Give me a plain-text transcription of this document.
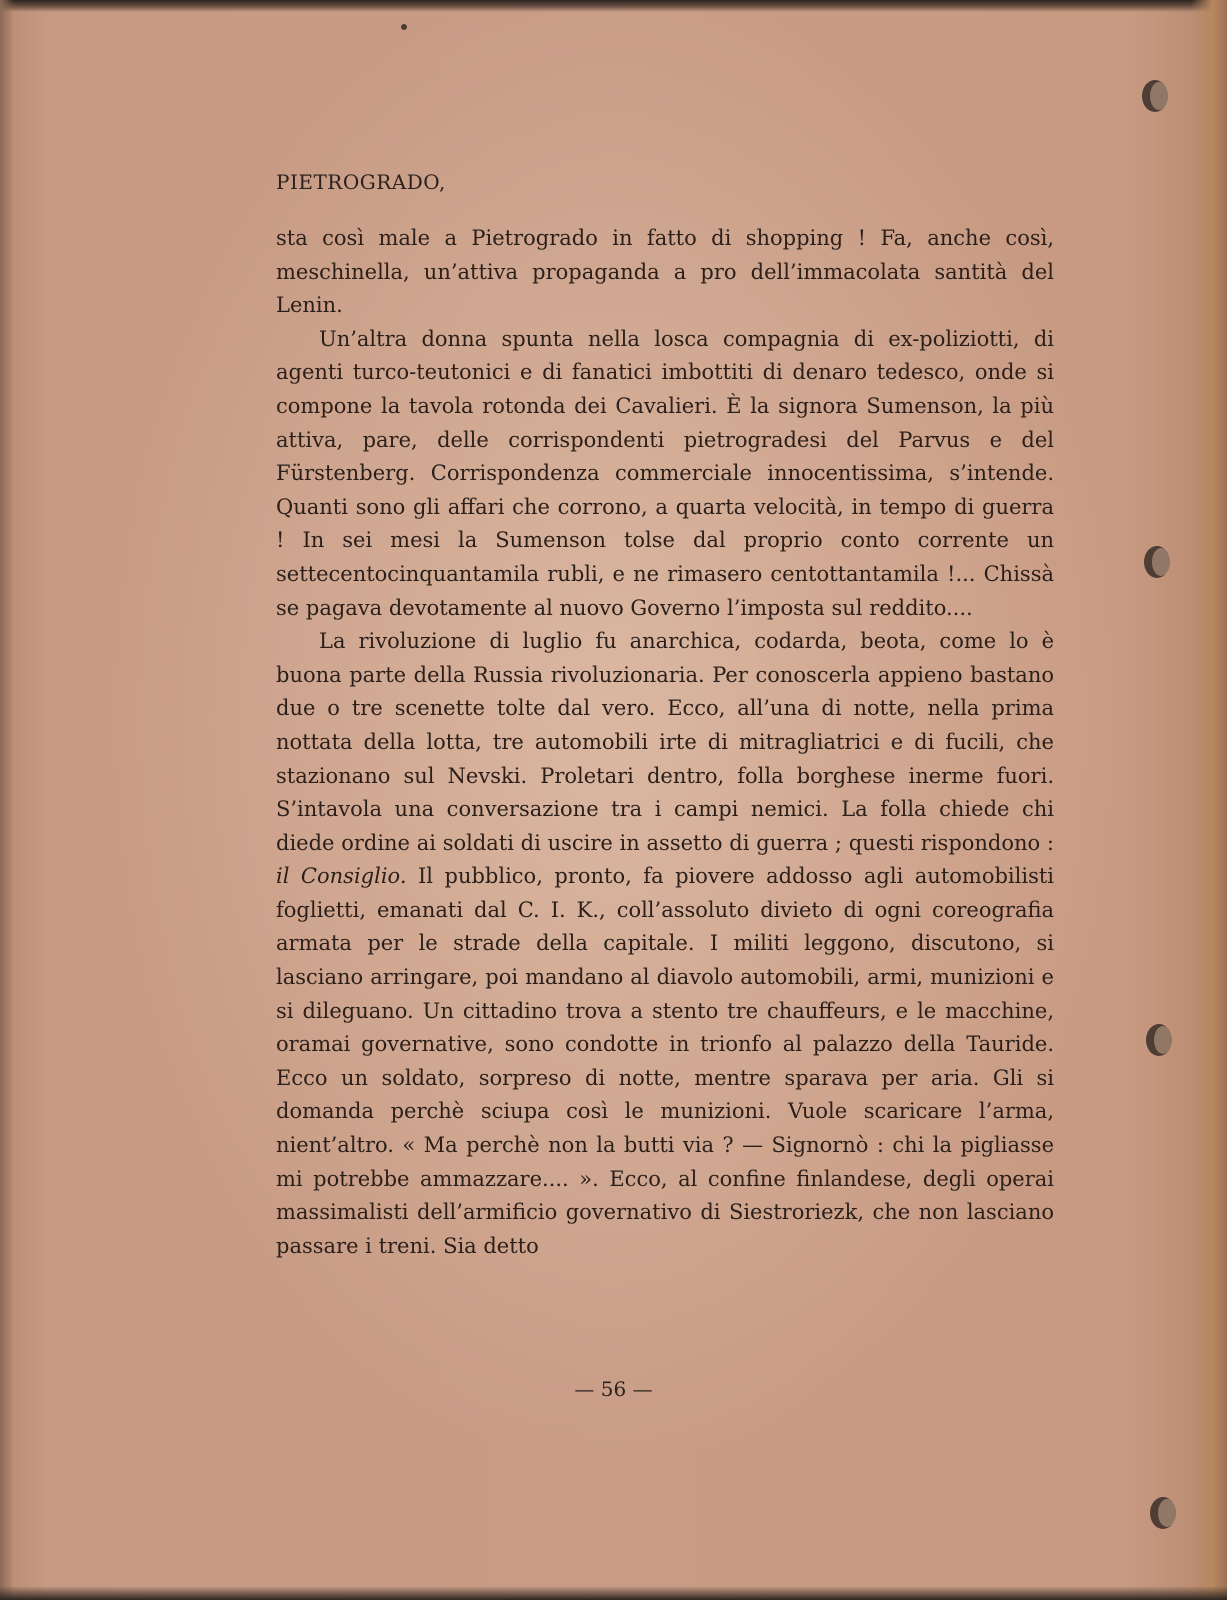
PIETROGRADO,

sta così male a Pietrogrado in fatto di shopping ! Fa, anche così, meschinella, un’attiva propaganda a pro dell’immacolata santità del Lenin.

Un’altra donna spunta nella losca compagnia di ex-poliziotti, di agenti turco-teutonici e di fanatici imbottiti di denaro tedesco, onde si compone la tavola rotonda dei Cavalieri. È la signora Sumenson, la più attiva, pare, delle corrispondenti pietrogradesi del Parvus e del Fürstenberg. Corrispondenza commerciale innocentissima, s’intende. Quanti sono gli affari che corrono, a quarta velocità, in tempo di guerra ! In sei mesi la Sumenson tolse dal proprio conto corrente un settecentocinquantamila rubli, e ne rimasero centottantamila !... Chissà se pagava devotamente al nuovo Governo l’imposta sul reddito....

La rivoluzione di luglio fu anarchica, codarda, beota, come lo è buona parte della Russia rivoluzionaria. Per conoscerla appieno bastano due o tre scenette tolte dal vero. Ecco, all’una di notte, nella prima nottata della lotta, tre automobili irte di mitragliatrici e di fucili, che stazionano sul Nevski. Proletari dentro, folla borghese inerme fuori. S’intavola una conversazione tra i campi nemici. La folla chiede chi diede ordine ai soldati di uscire in assetto di guerra ; questi rispondono : il Consiglio. Il pubblico, pronto, fa piovere addosso agli automobilisti foglietti, emanati dal C. I. K., coll’assoluto divieto di ogni coreografia armata per le strade della capitale. I militi leggono, discutono, si lasciano arringare, poi mandano al diavolo automobili, armi, munizioni e si dileguano. Un cittadino trova a stento tre chauffeurs, e le macchine, oramai governative, sono condotte in trionfo al palazzo della Tauride. Ecco un soldato, sorpreso di notte, mentre sparava per aria. Gli si domanda perchè sciupa così le munizioni. Vuole scaricare l’arma, nient’altro. « Ma perchè non la butti via ? — Signornò : chi la pigliasse mi potrebbe ammazzare.... ». Ecco, al confine finlandese, degli operai massimalisti dell’armificio governativo di Siestroriezk, che non lasciano passare i treni. Sia detto

— 56 —
